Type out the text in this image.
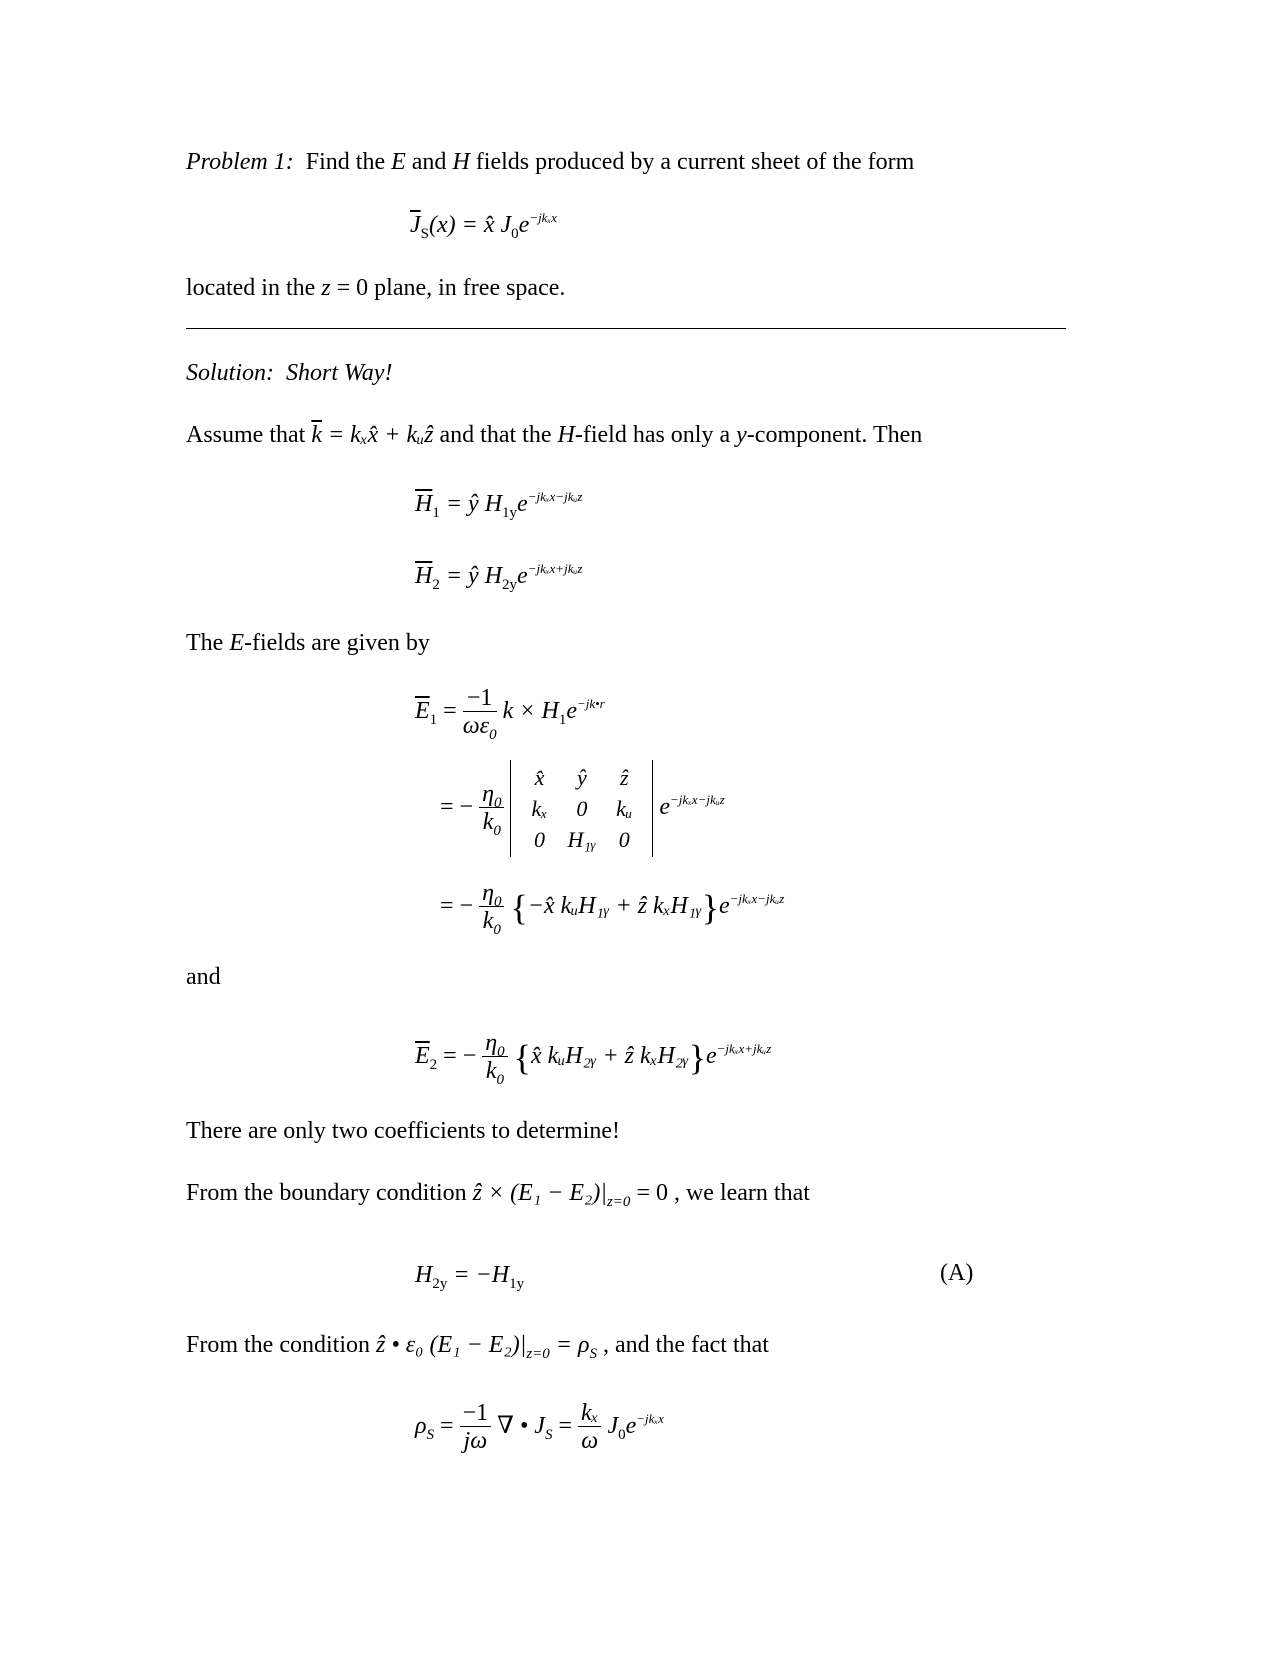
Problem 1: Find the E and H fields produced by a current sheet of the form
$\overline{J}_S(x)$ = x̂ $J_0e^{-jk_xx}$
located in the z = 0 plane, in free space.
Solution: Short Way!
Assume that $\overline{k}$ = kₓx̂ + kᵤẑ and that the H-field has only a y-component. Then
$\overline{H}_1$ = ŷ $H_{1y}e^{-jk_xx-jkᵤz}$
$\overline{H}_2$ = ŷ $H_{2y}e^{-jk_xx+jkᵤz}$
The E-fields are given by
$\overline{E}_1 = \frac{-1}{\omega\varepsilon_0}$ $k \times H_1e^{-jk•r}$
= − $\frac{\eta_0}{k_0}$

x̂	ŷ	ẑ
kₓ	0	kᵤ
0	H₁ᵧ	0
$e^{-jk_xx-jkᵤz}$
= − $\frac{\eta_0}{k_0}$ {−x̂ kᵤH₁ᵧ + ẑ $k_xH_1ᵧ\}e^{-jk_xx-jkᵤz}$
and
$\overline{E}_2$ = − $\frac{\eta_0}{k_0}$ {x̂ kᵤH₂ᵧ + ẑ $k_xH_2ᵧ\}e^{-jk_xx+jkᵤz}$
There are only two coefficients to determine!
From the boundary condition ẑ × $(E_1 - E_2)|_{z=0} = 0$ , we learn that
$H_{2y} = -H_{1y}$	(A)
From the condition ẑ • ε₀ $(E_1 - E_2)|_{z=0} = \rho_S$ , and the fact that
$\rho_S = \frac{-1}{j\omega}$ ∇ • $J_S = \frac{\text{kₓ}}{\omega} J_0e^{-jk_xx}$
